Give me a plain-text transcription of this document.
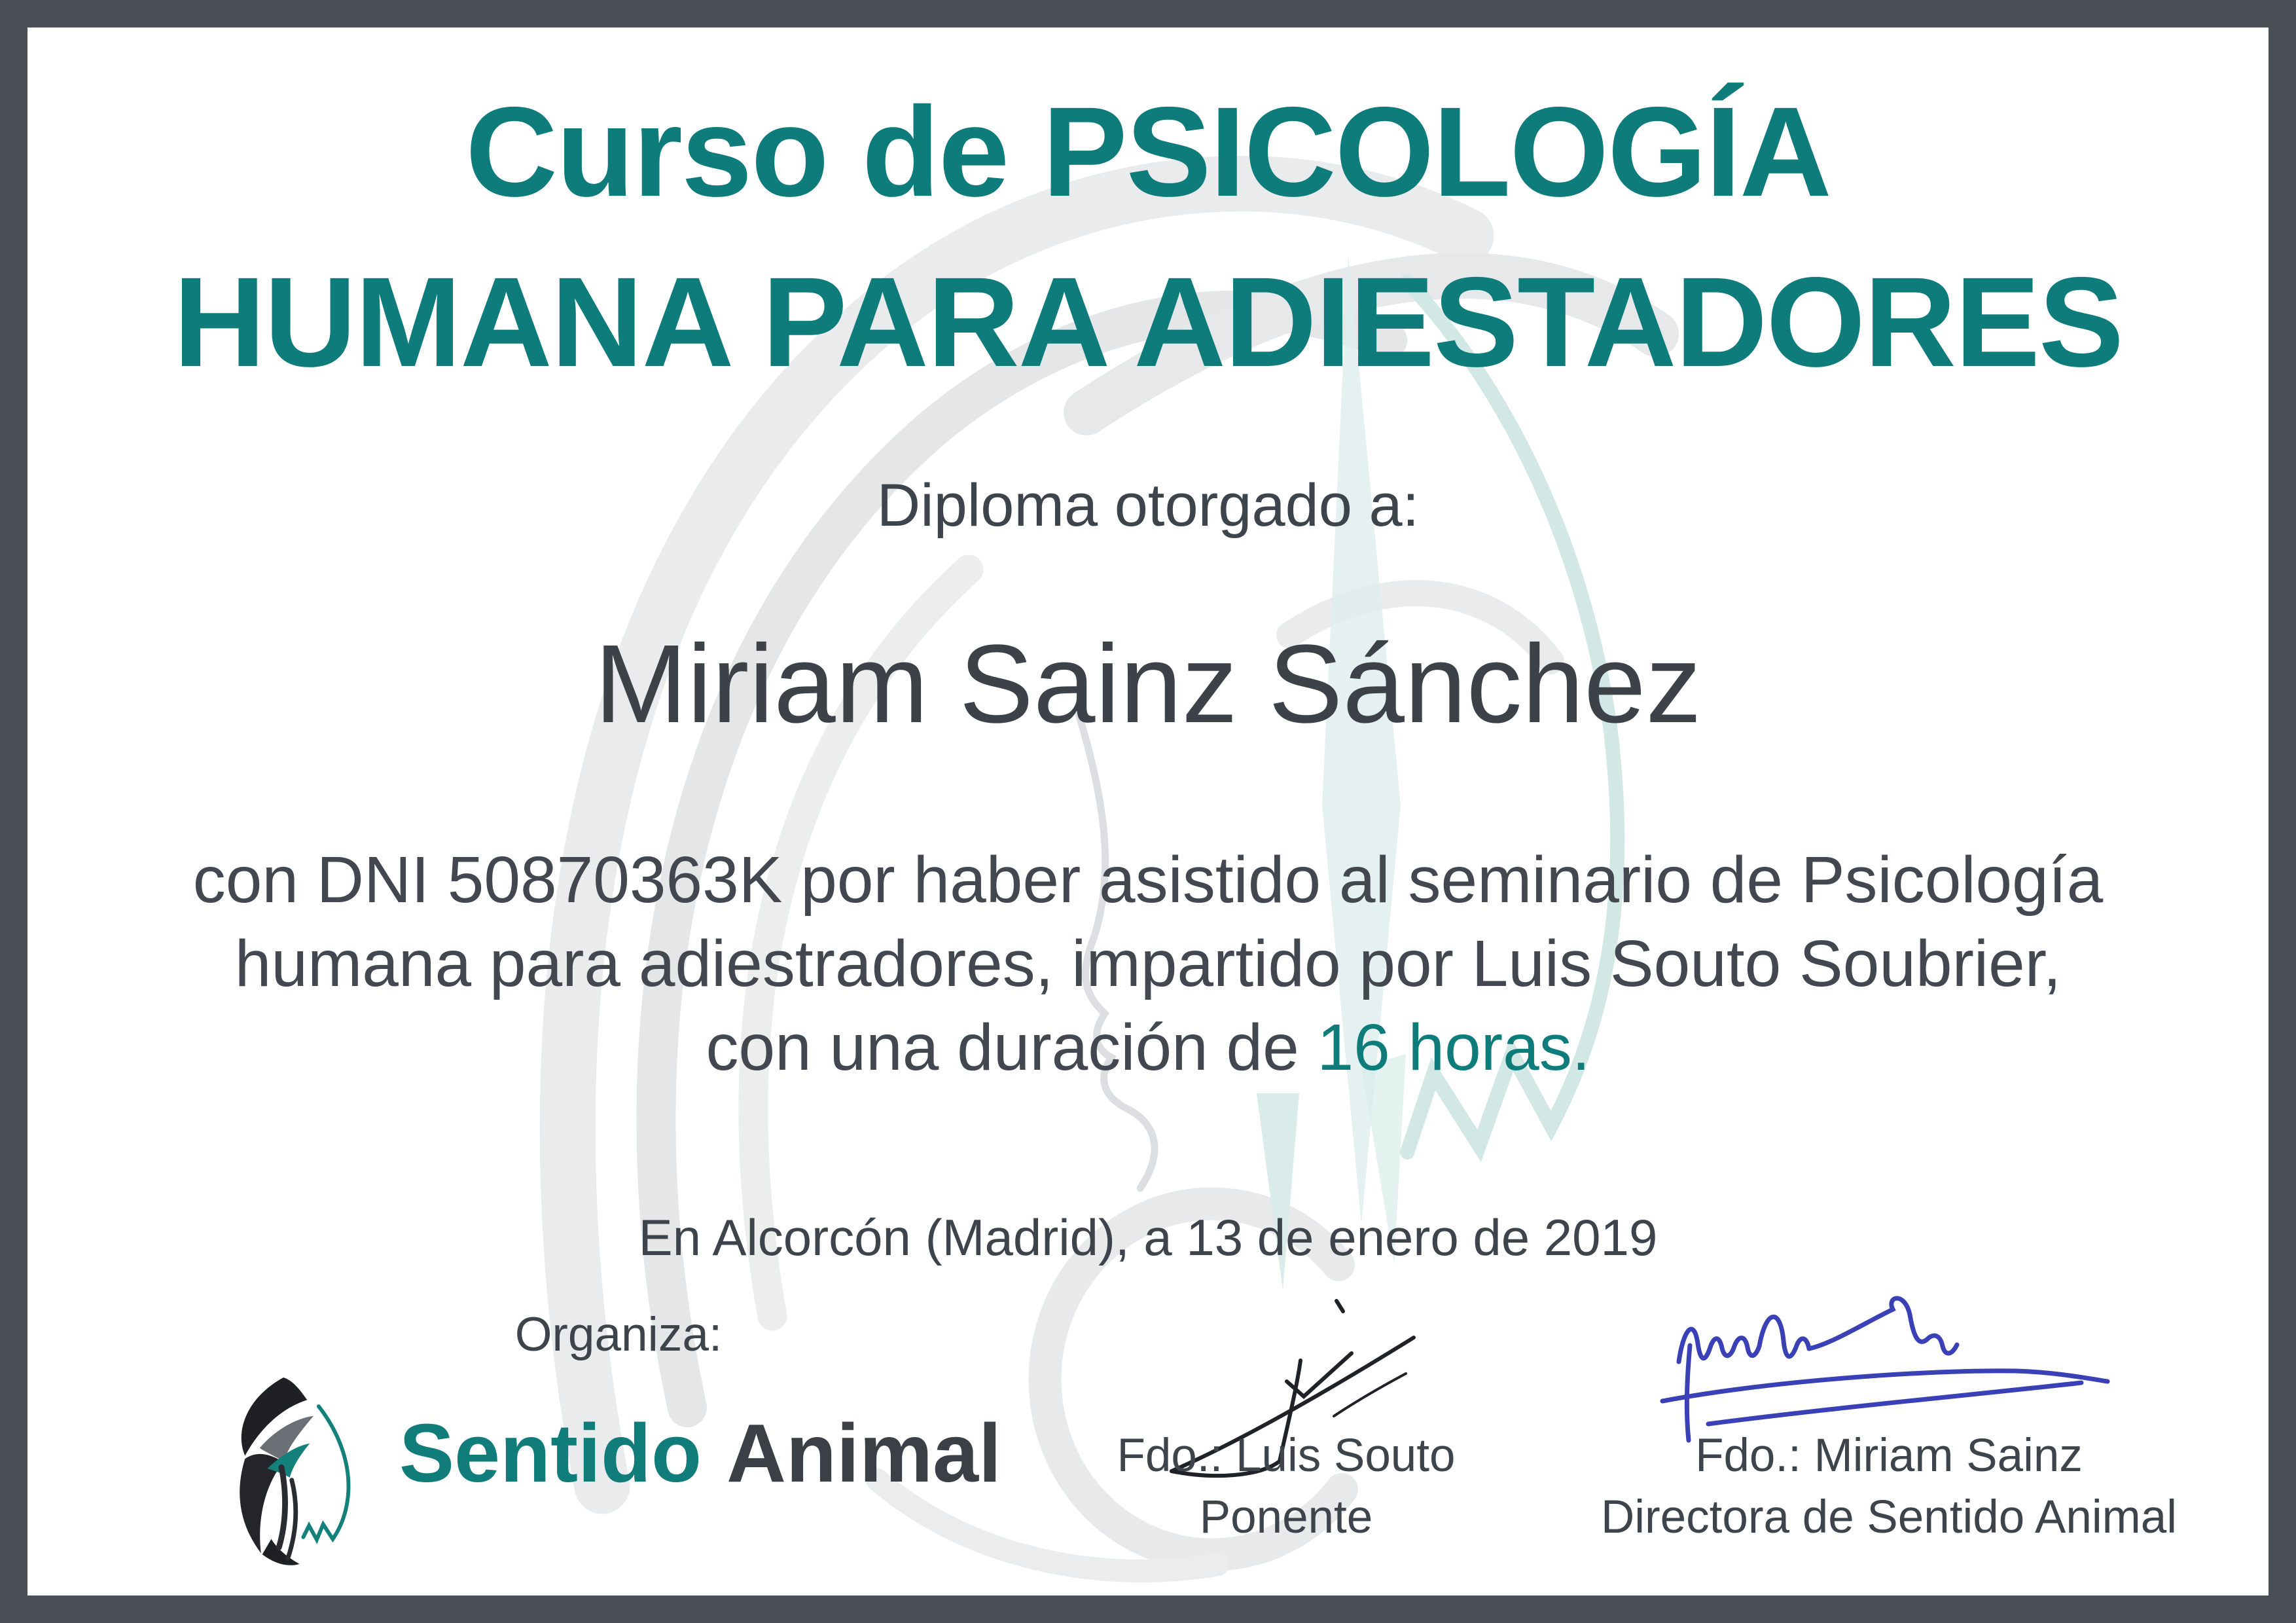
Curso de PSICOLOGÍA
HUMANA PARA ADIESTADORES
Diploma otorgado a:
Miriam Sainz Sánchez
con DNI 50870363K por haber asistido al seminario de Psicología
humana para adiestradores, impartido por Luis Souto Soubrier,
con una duración de 16 horas.
En Alcorcón (Madrid), a 13 de enero de 2019
Organiza:
Sentido Animal	Fdo.: Luis Souto
Ponente
Fdo.: Miriam Sainz
Directora de Sentido Animal
